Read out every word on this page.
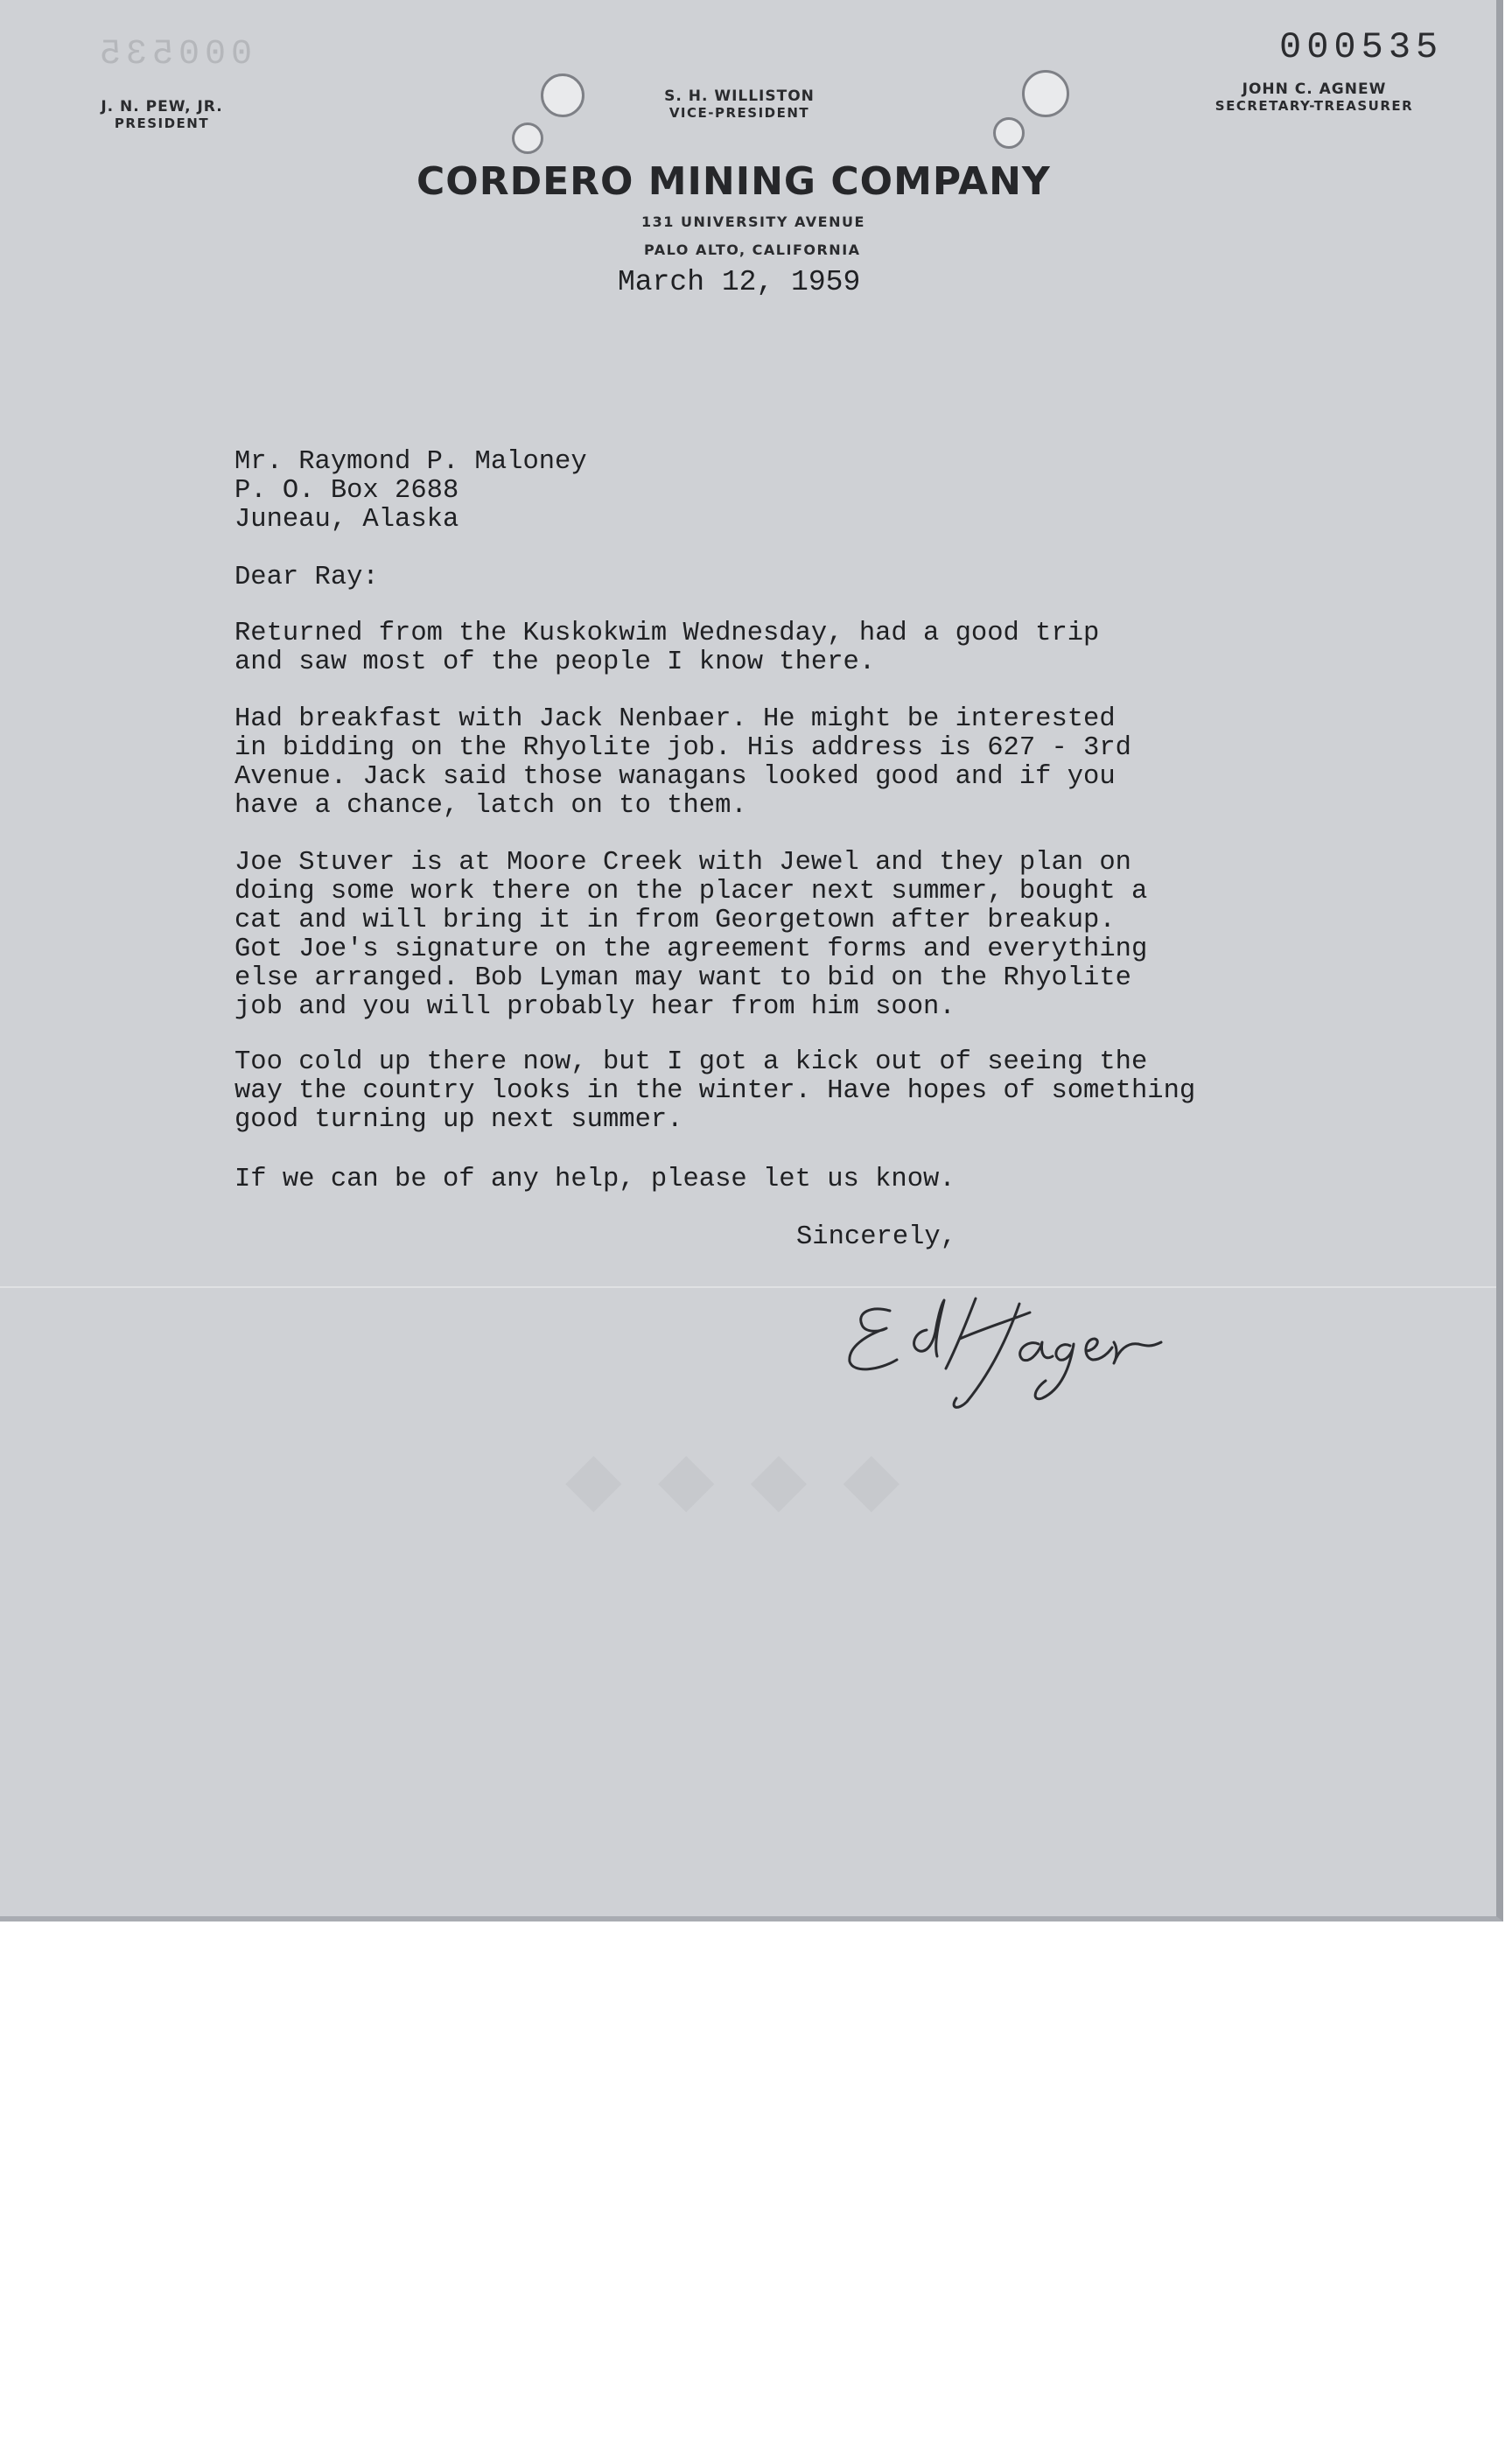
000535
J. N. PEW, JR.
PRESIDENT
S. H. WILLISTON
VICE-PRESIDENT
JOHN C. AGNEW
SECRETARY-TREASURER
000535
CORDERO MINING COMPANY
131 UNIVERSITY AVENUE
PALO ALTO, CALIFORNIA
March 12, 1959
Mr. Raymond P. Maloney
P. O. Box 2688
Juneau, Alaska
Dear Ray:
Returned from the Kuskokwim Wednesday, had a good trip
and saw most of the people I know there.
Had breakfast with Jack Nenbaer. He might be interested
in bidding on the Rhyolite job. His address is 627 - 3rd
Avenue. Jack said those wanagans looked good and if you
have a chance, latch on to them.
Joe Stuver is at Moore Creek with Jewel and they plan on
doing some work there on the placer next summer, bought a
cat and will bring it in from Georgetown after breakup.
Got Joe's signature on the agreement forms and everything
else arranged. Bob Lyman may want to bid on the Rhyolite
job and you will probably hear from him soon.
Too cold up there now, but I got a kick out of seeing the
way the country looks in the winter. Have hopes of something
good turning up next summer.
If we can be of any help, please let us know.
Sincerely,
◆ ◆ ◆ ◆
